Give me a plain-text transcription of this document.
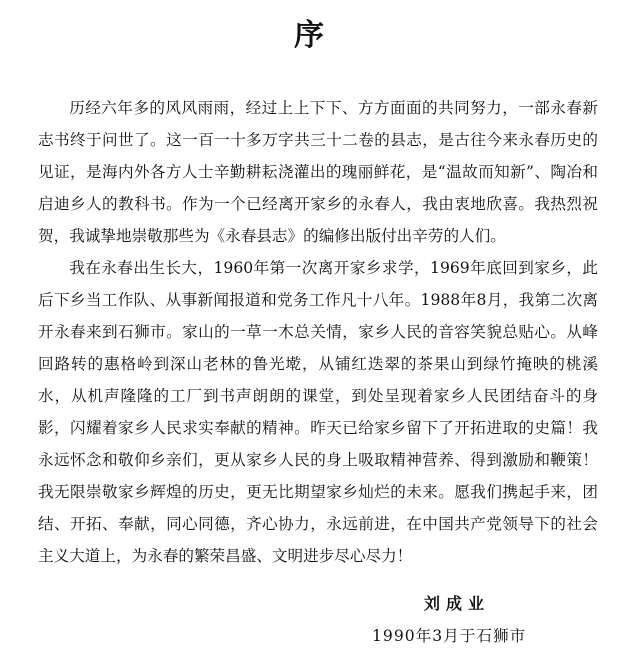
序

历经六年多的风风雨雨，经过上上下下、方方面面的共同努力，一部永春新志书终于问世了。这一百一十多万字共三十二卷的县志，是古往今来永春历史的见证，是海内外各方人士辛勤耕耘浇灌出的瑰丽鲜花，是“温故而知新”、陶冶和启迪乡人的教科书。作为一个已经离开家乡的永春人，我由衷地欣喜。我热烈祝贺，我诚挚地崇敬那些为《永春县志》的编修出版付出辛劳的人们。

我在永春出生长大，1960年第一次离开家乡求学，1969年底回到家乡，此后下乡当工作队、从事新闻报道和党务工作凡十八年。1988年8月，我第二次离开永春来到石狮市。家山的一草一木总关情，家乡人民的音容笑貌总贴心。从峰回路转的惠格岭到深山老林的鲁光墘，从铺红迭翠的茶果山到绿竹掩映的桃溪水，从机声隆隆的工厂到书声朗朗的课堂，到处呈现着家乡人民团结奋斗的身影，闪耀着家乡人民求实奉献的精神。昨天已给家乡留下了开拓进取的史篇！我永远怀念和敬仰乡亲们，更从家乡人民的身上吸取精神营养、得到激励和鞭策！我无限崇敬家乡辉煌的历史，更无比期望家乡灿烂的未来。愿我们携起手来，团结、开拓、奉献，同心同德，齐心协力，永远前进，在中国共产党领导下的社会主义大道上，为永春的繁荣昌盛、文明进步尽心尽力！

刘成业
1990年3月于石狮市
